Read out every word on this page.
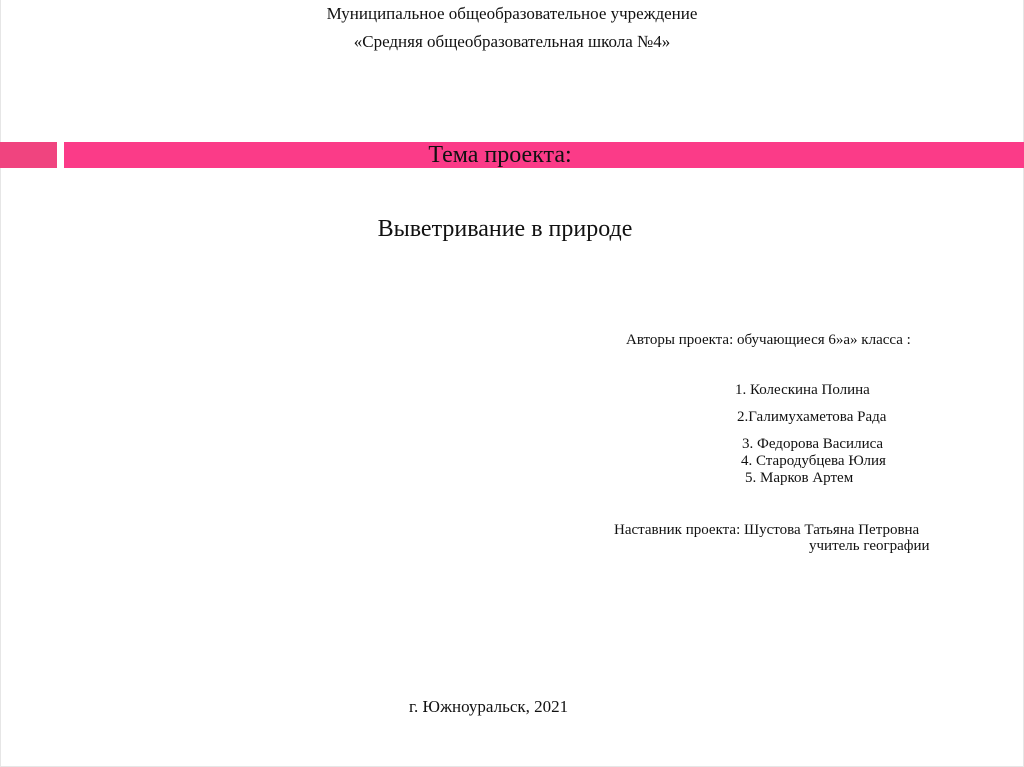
Муниципальное общеобразовательное учреждение
«Средняя общеобразовательная школа №4»
Тема проекта:
Выветривание в природе
Авторы проекта: обучающиеся 6»а» класса :
1. Колескина Полина
2.Галимухаметова Рада
3. Федорова Василиса
4. Стародубцева Юлия
5. Марков Артем
Наставник проекта: Шустова Татьяна Петровна
учитель географии
г. Южноуральск, 2021
